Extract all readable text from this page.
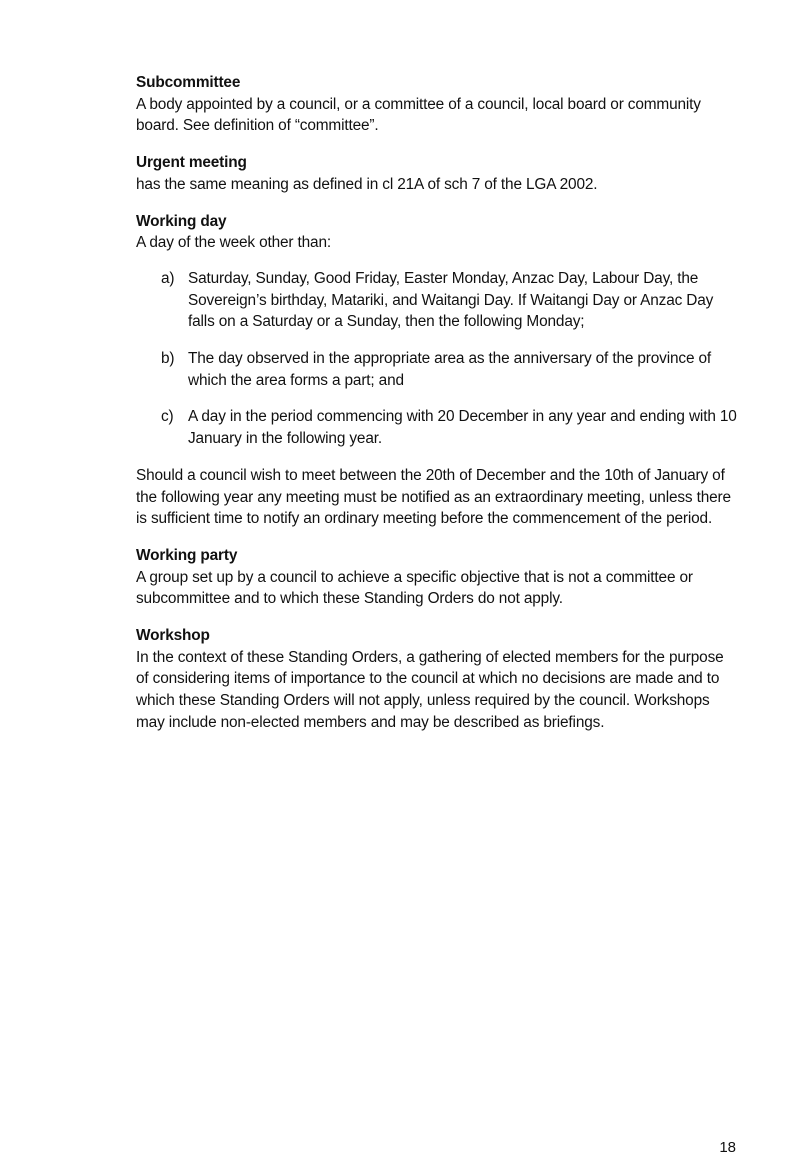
Subcommittee

A body appointed by a council, or a committee of a council, local board or community board. See definition of “committee”.

Urgent meeting

has the same meaning as defined in cl 21A of sch 7 of the LGA 2002.

Working day

A day of the week other than:

a) Saturday, Sunday, Good Friday, Easter Monday, Anzac Day, Labour Day, the Sovereign’s birthday, Matariki, and Waitangi Day. If Waitangi Day or Anzac Day falls on a Saturday or a Sunday, then the following Monday;
b) The day observed in the appropriate area as the anniversary of the province of which the area forms a part; and
c) A day in the period commencing with 20 December in any year and ending with 10 January in the following year.

Should a council wish to meet between the 20th of December and the 10th of January of the following year any meeting must be notified as an extraordinary meeting, unless there is sufficient time to notify an ordinary meeting before the commencement of the period.

Working party

A group set up by a council to achieve a specific objective that is not a committee or subcommittee and to which these Standing Orders do not apply.

Workshop

In the context of these Standing Orders, a gathering of elected members for the purpose of considering items of importance to the council at which no decisions are made and to which these Standing Orders will not apply, unless required by the council. Workshops may include non-elected members and may be described as briefings.

18
